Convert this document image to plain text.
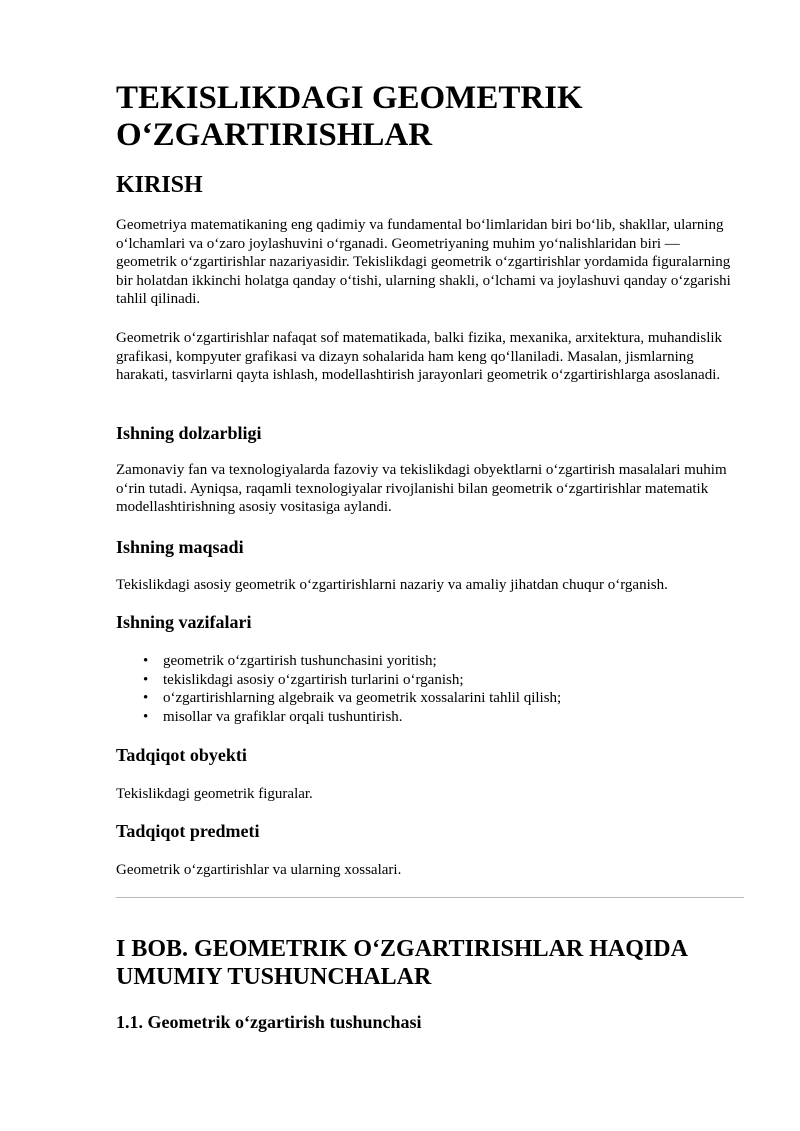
TEKISLIKDAGI GEOMETRIK O‘ZGARTIRISHLAR
KIRISH

Geometriya matematikaning eng qadimiy va fundamental bo‘limlaridan biri bo‘lib, shakllar, ularning o‘lchamlari va o‘zaro joylashuvini o‘rganadi. Geometriyaning muhim yo‘nalishlaridan biri — geometrik o‘zgartirishlar nazariyasidir. Tekislikdagi geometrik o‘zgartirishlar yordamida figuralarning bir holatdan ikkinchi holatga qanday o‘tishi, ularning shakli, o‘lchami va joylashuvi qanday o‘zgarishi tahlil qilinadi.

Geometrik o‘zgartirishlar nafaqat sof matematikada, balki fizika, mexanika, arxitektura, muhandislik grafikasi, kompyuter grafikasi va dizayn sohalarida ham keng qo‘llaniladi. Masalan, jismlarning harakati, tasvirlarni qayta ishlash, modellashtirish jarayonlari geometrik o‘zgartirishlarga asoslanadi.

Ishning dolzarbligi

Zamonaviy fan va texnologiyalarda fazoviy va tekislikdagi obyektlarni o‘zgartirish masalalari muhim o‘rin tutadi. Ayniqsa, raqamli texnologiyalar rivojlanishi bilan geometrik o‘zgartirishlar matematik modellashtirishning asosiy vositasiga aylandi.

Ishning maqsadi

Tekislikdagi asosiy geometrik o‘zgartirishlarni nazariy va amaliy jihatdan chuqur o‘rganish.

Ishning vazifalari
• geometrik o‘zgartirish tushunchasini yoritish;
• tekislikdagi asosiy o‘zgartirish turlarini o‘rganish;
• o‘zgartirishlarning algebraik va geometrik xossalarini tahlil qilish;
• misollar va grafiklar orqali tushuntirish.
Tadqiqot obyekti

Tekislikdagi geometrik figuralar.

Tadqiqot predmeti

Geometrik o‘zgartirishlar va ularning xossalari.

I BOB. GEOMETRIK O‘ZGARTIRISHLAR HAQIDA UMUMIY TUSHUNCHALAR
1.1. Geometrik o‘zgartirish tushunchasi
